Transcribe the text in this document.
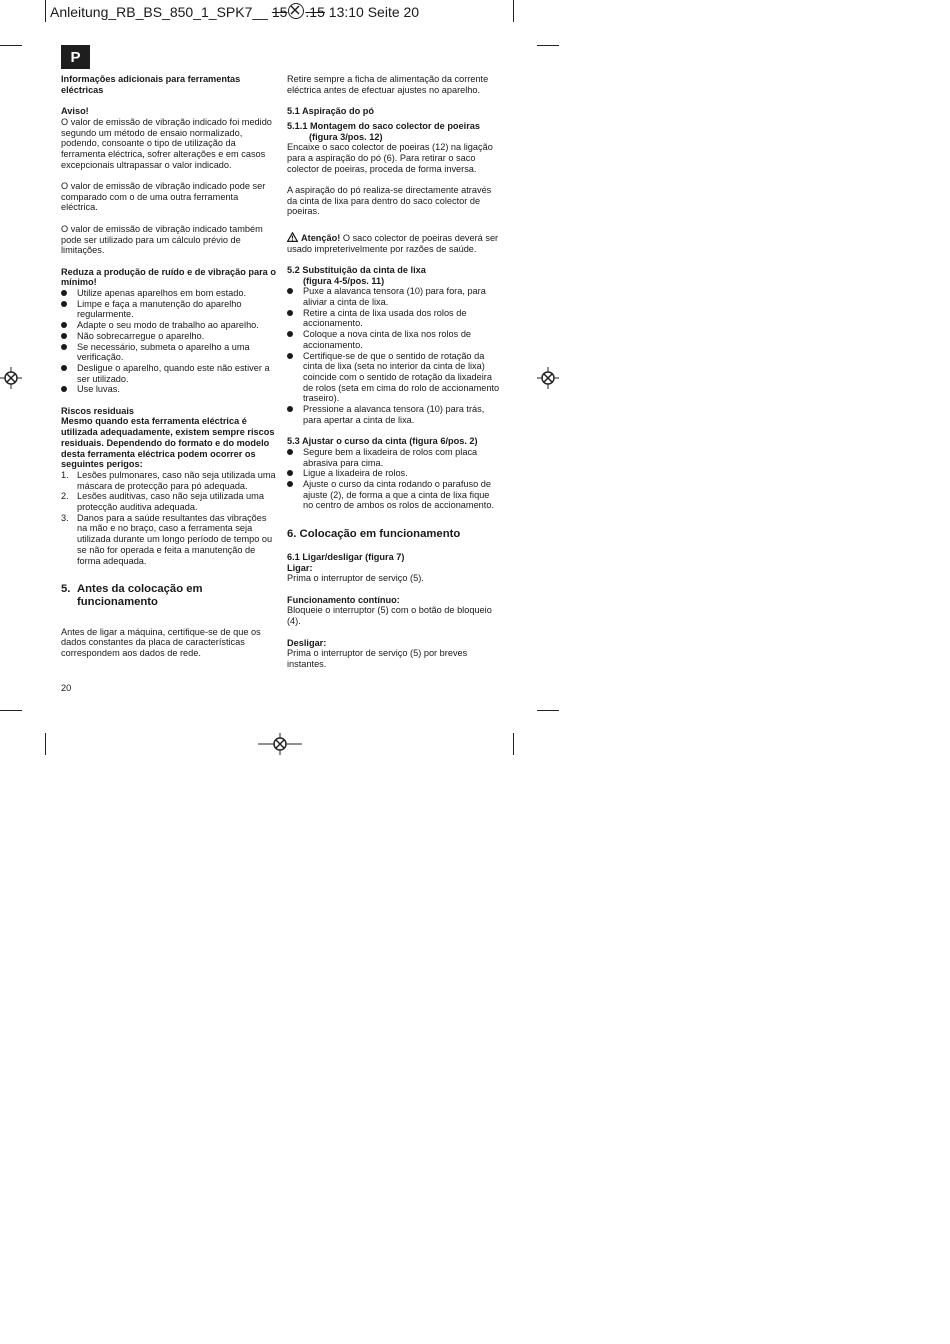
Anleitung_RB_BS_850_1_SPK7__ 15 .15 13:10 Seite 20
P

Informações adicionais para ferramentas eléctricas

Aviso!

O valor de emissão de vibração indicado foi medido segundo um método de ensaio normalizado, podendo, consoante o tipo de utilização da ferramenta eléctrica, sofrer alterações e em casos excepcionais ultrapassar o valor indicado.

O valor de emissão de vibração indicado pode ser comparado com o de uma outra ferramenta eléctrica.

O valor de emissão de vibração indicado também pode ser utilizado para um cálculo prévio de limitações.

Reduza a produção de ruído e de vibração para o mínimo!

Utilize apenas aparelhos em bom estado.
Limpe e faça a manutenção do aparelho regularmente.
Adapte o seu modo de trabalho ao aparelho.
Não sobrecarregue o aparelho.
Se necessário, submeta o aparelho a uma verificação.
Desligue o aparelho, quando este não estiver a ser utilizado.
Use luvas.

Riscos residuais

Mesmo quando esta ferramenta eléctrica é utilizada adequadamente, existem sempre riscos residuais. Dependendo do formato e do modelo desta ferramenta eléctrica podem ocorrer os seguintes perigos:

1. Lesões pulmonares, caso não seja utilizada uma máscara de protecção para pó adequada.
2. Lesões auditivas, caso não seja utilizada uma protecção auditiva adequada.
3. Danos para a saúde resultantes das vibrações na mão e no braço, caso a ferramenta seja utilizada durante um longo período de tempo ou se não for operada e feita a manutenção de forma adequada.
5. Antes da colocação em funcionamento

Antes de ligar a máquina, certifique-se de que os dados constantes da placa de características correspondem aos dados de rede.

Retire sempre a ficha de alimentação da corrente eléctrica antes de efectuar ajustes no aparelho.

5.1 Aspiração do pó

5.1.1 Montagem do saco colector de poeiras

(figura 3/pos. 12)

Encaixe o saco colector de poeiras (12) na ligação para a aspiração do pó (6). Para retirar o saco colector de poeiras, proceda de forma inversa.

A aspiração do pó realiza-se directamente através da cinta de lixa para dentro do saco colector de poeiras.

Atenção! O saco colector de poeiras deverá ser usado impreterivelmente por razões de saúde.

5.2 Substituição da cinta de lixa

(figura 4-5/pos. 11)

Puxe a alavanca tensora (10) para fora, para aliviar a cinta de lixa.
Retire a cinta de lixa usada dos rolos de accionamento.
Coloque a nova cinta de lixa nos rolos de accionamento.
Certifique-se de que o sentido de rotação da cinta de lixa (seta no interior da cinta de lixa) coincide com o sentido de rotação da lixadeira de rolos (seta em cima do rolo de accionamento traseiro).
Pressione a alavanca tensora (10) para trás, para apertar a cinta de lixa.

5.3 Ajustar o curso da cinta (figura 6/pos. 2)

Segure bem a lixadeira de rolos com placa abrasiva para cima.
Ligue a lixadeira de rolos.
Ajuste o curso da cinta rodando o parafuso de ajuste (2), de forma a que a cinta de lixa fique no centro de ambos os rolos de accionamento.

6. Colocação em funcionamento

6.1 Ligar/desligar (figura 7)

Ligar:

Prima o interruptor de serviço (5).

Funcionamento contínuo:

Bloqueie o interruptor (5) com o botão de bloqueio (4).

Desligar:

Prima o interruptor de serviço (5) por breves instantes.

20
